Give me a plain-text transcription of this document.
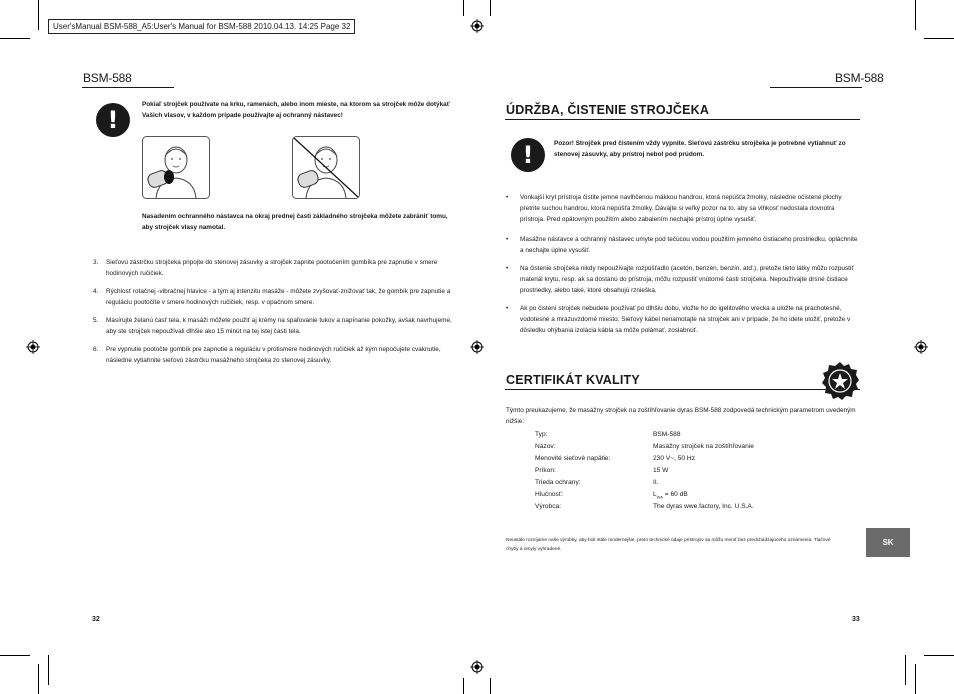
User'sManual BSM-588_A5:User's Manual for BSM-588 2010.04.13. 14:25 Page 32
BSM-588
!
Pokiaľ strojček používate na krku, ramenách, alebo inom mieste, na ktorom sa strojček môže dotýkať Vašich vlasov, v každom prípade používajte aj ochranný nástavec!
Nasadením ochranného nástavca na okraj prednej časti základného strojčeka môžete zabrániť tomu, aby strojček vlasy namotal.
3. Sieťovú zástrčku strojčeka pripojte do stenovej zásuvky a strojček zapnite pootočením gombíka pre zapnutie v smere hodinových ručičiek.
4. Rýchlosť rotačnej -vibračnej hlavice - a tým aj intenzitu masáže - môžete zvyšovať-znižovať tak, že gombík pre zapnutie a reguláciu pootočíte v smere hodinových ručičiek, resp. v opačnom smere.
5. Masírujte želanú časť tela, k masáži môžete použiť aj krémy na spaľovanie tukov a napínanie pokožky, avšak navrhujeme, aby ste strojček nepoužívali dlhšie ako 15 minút na tej istej časti tela.
6. Pre vypnutie pootočte gombík pre zapnutie a reguláciu v protismere hodinových ručičiek až kým nepočujete cvaknutie, následne vytiahnite sieťovú zástrčku masážneho strojčeka zo stenovej zásuvky.
32
BSM-588
ÚDRŽBA, ČISTENIE STROJČEKA
!	Pozor! Strojček pred čistením vždy vypnite. Sieťovú zástrčku strojčeka je potrebné vytiahnuť zo stenovej zásuvky, aby prístroj nebol pod prúdom.
• Vonkajší kryt prístroja čistite jemne navlhčenou mäkkou handrou, ktorá nepúšťa žmolky, následne očistené plochy pretrite suchou handrou, ktorá nepúšťa žmolky. Dávajte si veľký pozor na to, aby sa vlhkosť nedostala dovnútra prístroja. Pred opätovným použitím alebo zabalením nechajte prístroj úplne vysušiť.
• Masážne nástavce a ochranný nástavec umyte pod tečúcou vodou použitím jemného čistiaceho prostriedku, opláchnite a nechajte úplne vysušiť.
• Na čistenie strojčeka nikdy nepoužívajte rozpúšťadlo (acetón, benzén, benzín, atď.), pretože tieto látky môžu rozpustiť materiál krytu, resp. ak sa dostanú do prístroja, môžu rozpustiť vnútorné časti strojčeka. Nepoužívajte drsné čistiace prostriedky, alebo také, ktoré obsahujú rznieška.
• Ak po čistení strojček nebudete používať po dlhšiu dobu, vložte ho do igelitového vrecka a uložte na prachotesné, vodotesné a mrazuvzdorné miesto. Sieťový kábel nenamotajte na strojček ani v prípade, že ho idete uložiť, pretože v dôsledku ohýbania izolácia kábla sa môže polámať, zoslabnúť.
CERTIFIKÁT KVALITY
Týmto preukazujeme, že masážny strojček na zoštíhľovanie dyras BSM-588 zodpovedá technickým parametrom uvedeným nižšie:
Typ:	BSM-588
Názov:	Masážny strojček na zoštíhľovanie
Menovité sieťové napätie:	230 V~, 50 Hz
Príkon:	15 W
Trieda ochrany:	II.
Hlučnosť:	$L_{WA} = 60$ dB
Výrobca:	The dyras wwe.factory, Inc. U.S.A.
Neustále rozvíjame naše výrobky, aby boli stále modernejšie, preto technické údaje prístrojov sa môžu meniť bez predchádzajúceho oznámenia. Tlačové chyby a omyly vyhradené.
SK
33
